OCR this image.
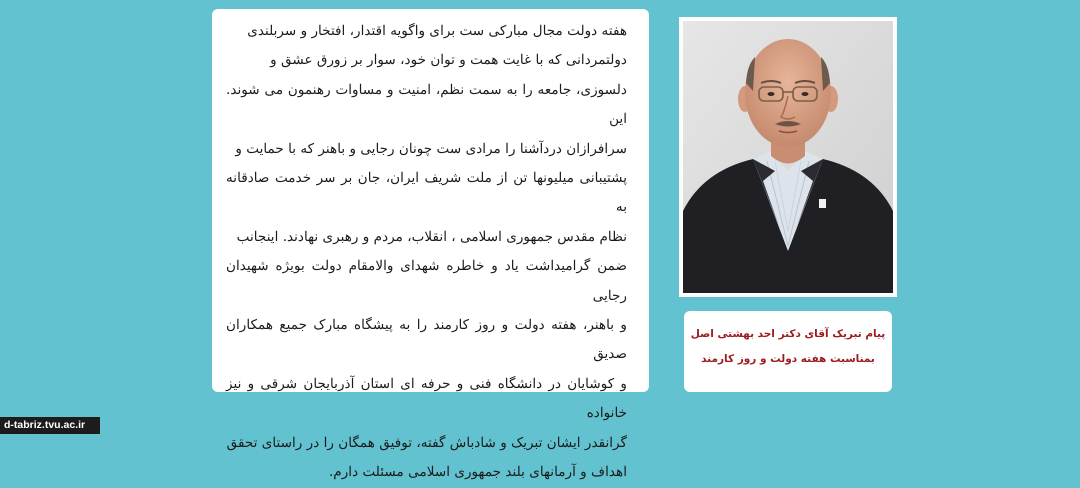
هفته دولت مجال مبارکی ست برای واگویه اقتدار، افتخار و سربلندی

دولتمردانی که با غایت همت و توان خود، سوار بر زورق عشق و

دلسوزی، جامعه را به سمت نظم، امنیت و مساوات رهنمون می شوند. این

سرافرازان دردآشنا را مرادی ست چونان رجایی و باهنر که با حمایت و

پشتیبانی میلیونها تن از ملت شریف ایران، جان بر سر خدمت صادقانه به

نظام مقدس جمهوری اسلامی ، انقلاب، مردم و رهبری نهادند. اینجانب

ضمن گرامیداشت یاد و خاطره شهدای والامقام دولت بویژه شهیدان رجایی

و باهنر، هفته دولت و روز کارمند را به پیشگاه مبارک جمیع همکاران صدیق

و کوشایان در دانشگاه فنی و حرفه ای استان آذربایجان شرقی و نیز خانواده

گرانقدر ایشان تبریک و شادباش گفته، توفیق همگان را در راستای تحقق

اهداف و آرمانهای بلند جمهوری اسلامی مسئلت دارم.

پیام تبریک آقای دکتر احد بهشتی اصل
بمناسبت هفته دولت و روز کارمند
d-tabriz.tvu.ac.ir
